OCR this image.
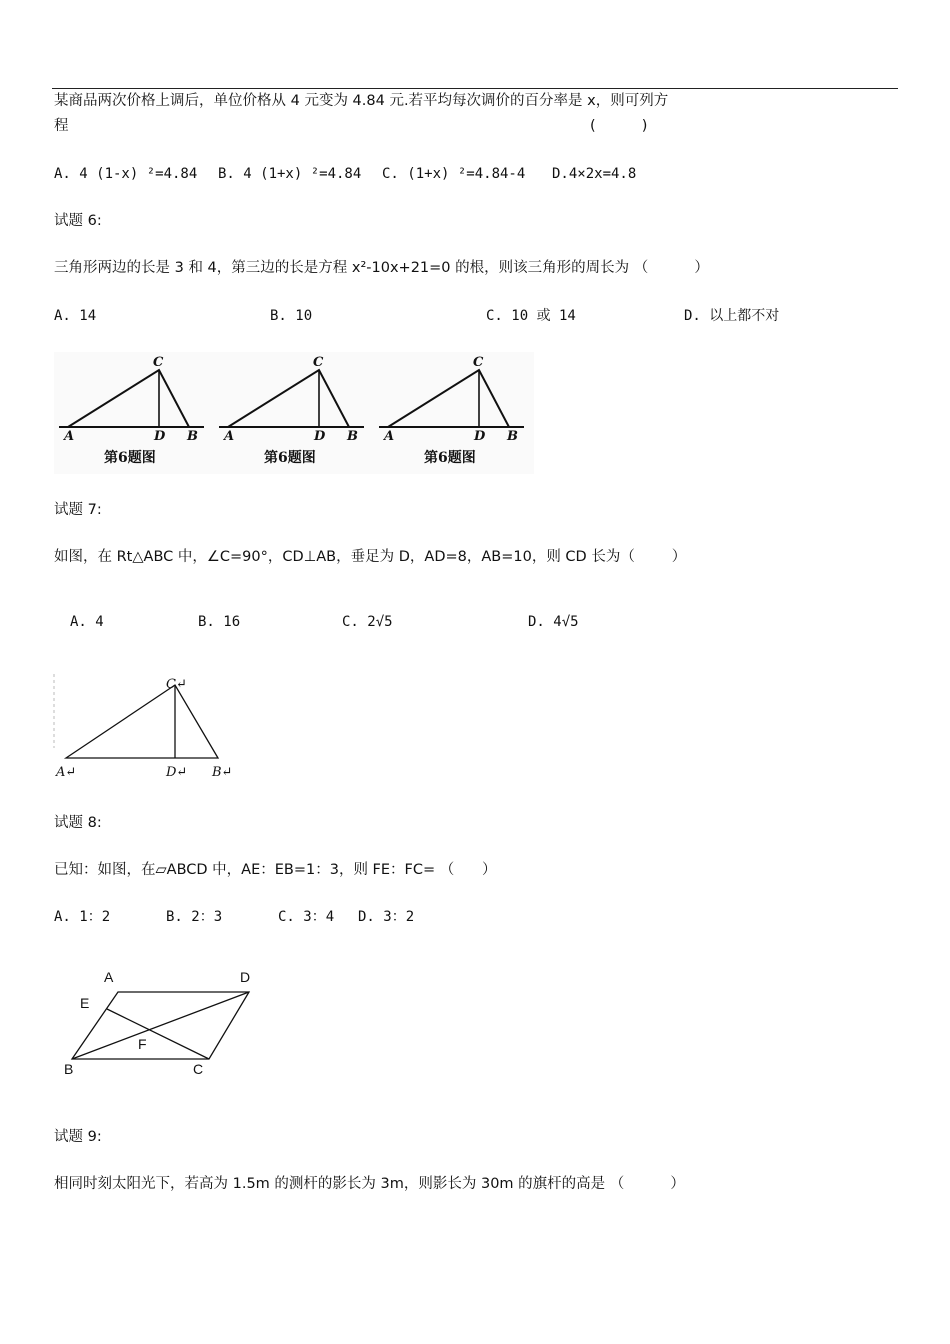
某商品两次价格上调后，单位价格从 4 元变为 4.84 元.若平均每次调价的百分率是 x，则可列方
程	(          )
A. 4 (1-x) ²=4.84 B. 4 (1+x) ²=4.84 C. (1+x) ²=4.84-4 D.4×2x=4.8
试题 6:
三角形两边的长是 3 和 4，第三边的长是方程 x²-10x+21=0 的根，则该三角形的周长为 （          ）
A. 14	B. 10	C. 10 或 14	D. 以上都不对
C
A	D B
第6题图
C
A	D B
第6题图
C
A	D B
第6题图
试题 7:
如图，在 Rt△ABC 中，∠C=90°，CD⊥AB，垂足为 D，AD=8，AB=10，则 CD 长为（        ）
A. 4	B. 16	C. 2√5	D. 4√5
C↵
A↵	D↵ B↵
试题 8:
已知：如图，在▱ABCD 中，AE：EB=1：3，则 FE：FC= （      ）
A. 1：2	B. 2：3	C. 3：4 D. 3：2
A	D
E
F
B	C
试题 9:
相同时刻太阳光下，若高为 1.5m 的测杆的影长为 3m，则影长为 30m 的旗杆的高是 （          ）
